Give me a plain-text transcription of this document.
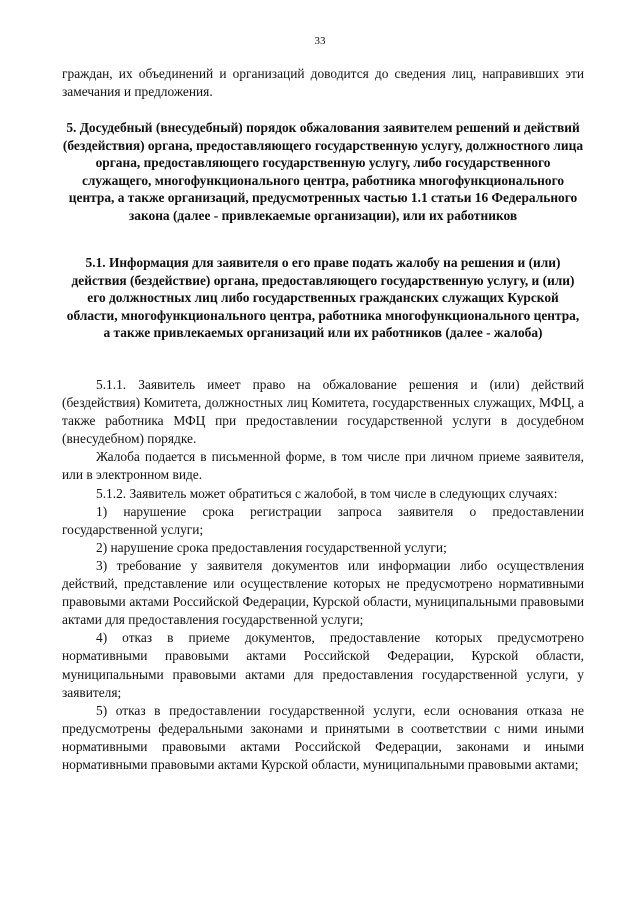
33

граждан, их объединений и организаций доводится до сведения лиц, направивших эти замечания и предложения.

5. Досудебный (внесудебный) порядок обжалования заявителем решений и действий (бездействия) органа, предоставляющего государственную услугу, должностного лица органа, предоставляющего государственную услугу, либо государственного служащего, многофункционального центра, работника многофункционального центра, а также организаций, предусмотренных частью 1.1 статьи 16 Федерального закона (далее - привлекаемые организации), или их работников

5.1. Информация для заявителя о его праве подать жалобу на решения и (или) действия (бездействие) органа, предоставляющего государственную услугу, и (или) его должностных лиц либо государственных гражданских служащих Курской области, многофункционального центра, работника многофункционального центра, а также привлекаемых организаций или их работников (далее - жалоба)

5.1.1. Заявитель имеет право на обжалование решения и (или) действий (бездействия) Комитета, должностных лиц Комитета, государственных служащих, МФЦ, а также работника МФЦ при предоставлении государственной услуги в досудебном (внесудебном) порядке.

Жалоба подается в письменной форме, в том числе при личном приеме заявителя, или в электронном виде.

5.1.2. Заявитель может обратиться с жалобой, в том числе в следующих случаях:

1) нарушение срока регистрации запроса заявителя о предоставлении государственной услуги;

2) нарушение срока предоставления государственной услуги;

3) требование у заявителя документов или информации либо осуществления действий, представление или осуществление которых не предусмотрено нормативными правовыми актами Российской Федерации, Курской области, муниципальными правовыми актами для предоставления государственной услуги;

4) отказ в приеме документов, предоставление которых предусмотрено нормативными правовыми актами Российской Федерации, Курской области, муниципальными правовыми актами для предоставления государственной услуги, у заявителя;

5) отказ в предоставлении государственной услуги, если основания отказа не предусмотрены федеральными законами и принятыми в соответствии с ними иными нормативными правовыми актами Российской Федерации, законами и иными нормативными правовыми актами Курской области, муниципальными правовыми актами;
